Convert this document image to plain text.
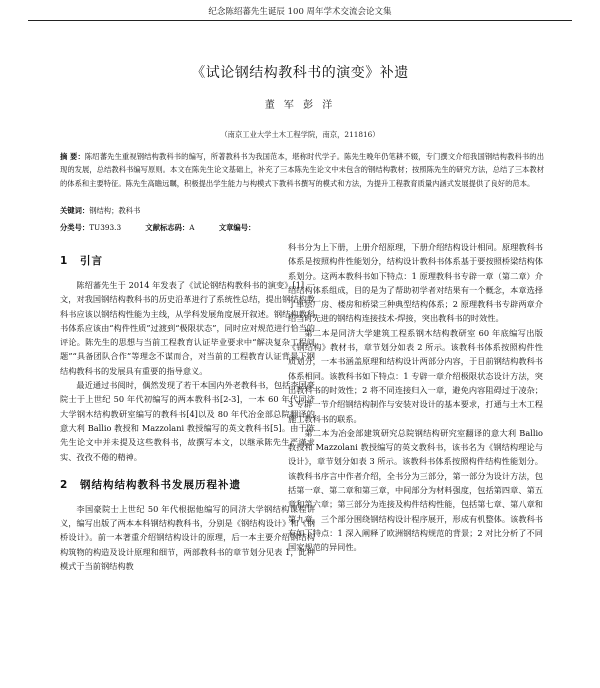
纪念陈绍蕃先生诞辰 100 周年学术交流会论文集
《试论钢结构教科书的演变》补遗
董 军 彭 洋
（南京工业大学土木工程学院，南京，211816）
摘 要：陈绍蕃先生重视钢结构教科书的编写，所著教科书为我国范本，堪称时代学子。陈先生晚年仍笔耕不辍，专门撰文介绍我国钢结构教科书的出现的发展，总结教科书编写原则。本文在陈先生论文基础上，补充了三本陈先生论文中未包含的钢结构教材；按照陈先生的研究方法，总结了三本教材的体系和主要特征。陈先生高瞻远瞩，积极提出学生能力与构模式下教科书撰写的模式和方法，为提升工程教育质量内涵式发展提供了良好的范本。
关键词：钢结构；教科书
分类号：TU393.3	文献标志码：A	文章编号：
1 引言

陈绍蕃先生于 2014 年发表了《试论钢结构教科书的演变》[1] 一文，对我国钢结构教科书的历史沿革进行了系统性总结，提出钢结构教科书应该以钢结构性能为主线，从学科发展角度展开叙述。钢结构教科书体系应该由“构件性质”过渡到“极限状态”，同时应对规范进行恰当的评论。陈先生的思想与当前工程教育认证毕业要求中“解决复杂工程问题”“具备团队合作”等理念不谋而合，对当前的工程教育认证背景下钢结构教科书的发展具有重要的指导意义。

最近通过书阅时，偶然发现了若干本国内外老教科书，包括李国豪院士于上世纪 50 年代初编写的两本教科书[2-3]，一本 60 年代同济大学钢木结构教研室编写的教科书[4]以及 80 年代冶金部总院翻译的意大利 Ballio 教授和 Mazzolani 教授编写的英文教科书[5]。由于陈先生论文中并未提及这些教科书，故撰写本文，以继承陈先生严谨求实、孜孜不倦的精神。

2 钢结构结构教科书发展历程补遗

李国豪院士上世纪 50 年代根据他编写的同济大学钢结构课程讲义，编写出版了两本本科钢结构教科书，分别是《钢结构设计》和《钢桥设计》。前一本著重介绍钢结构设计的原理，后一本主要介绍钢结构构筑物的构造及设计原理和细节，两部教科书的章节划分见表 1，此种模式于当前钢结构教

科书分为上下册，上册介绍原理，下册介绍结构设计相同。原理教科书体系是按照构件性能划分，结构设计教科书体系基于要按照桥梁结构体系划分。这两本教科书如下特点：1 原理教科书专辟一章（第二章）介绍结构体系组成，目的是为了帮助初学者对结果有一个概念，本章选择了单层厂房、楼房和桥梁三种典型结构体系；2 原理教科书专辟两章介绍当时先进的钢结构连接技术-焊接，突出教科书的时效性。

第二本是同济大学建筑工程系钢木结构教研室 60 年底编写出版《钢结构》教材书，章节划分如表 2 所示。该教科书体系按照构件性质划分，一本书涵盖原理和结构设计两部分内容，于目前钢结构教科书体系相同。该教科书如下特点：1 专辟一章介绍极限状态设计方法，突出教科书的时效性；2 将不同连接归入一章，避免内容阻碍过于凌杂；3 专辟一节介绍钢结构制作与安装对设计的基本要求，打通与土木工程施工教科书的联系。

第二本为冶金部建筑研究总院钢结构研究室翻译的意大利 Ballio 教授和 Mazzolani 教授编写的英文教科书，该书名为《钢结构理论与设计》，章节划分如表 3 所示。该教科书体系按照构件结构性能划分。该教科书序言中作者介绍，全书分为三部分，第一部分为设计方法，包括第一章、第二章和第三章，中间部分为材料强度，包括第四章、第五章和第六章；第三部分为连接及构件结构性能，包括第七章、第八章和第九章，三个部分围绕钢结构设计程序展开，形成有机整体。该教科书有如下特点：1 深入阐释了欧洲钢结构规范的背景；2 对比分析了不同国家规范的异同性。
